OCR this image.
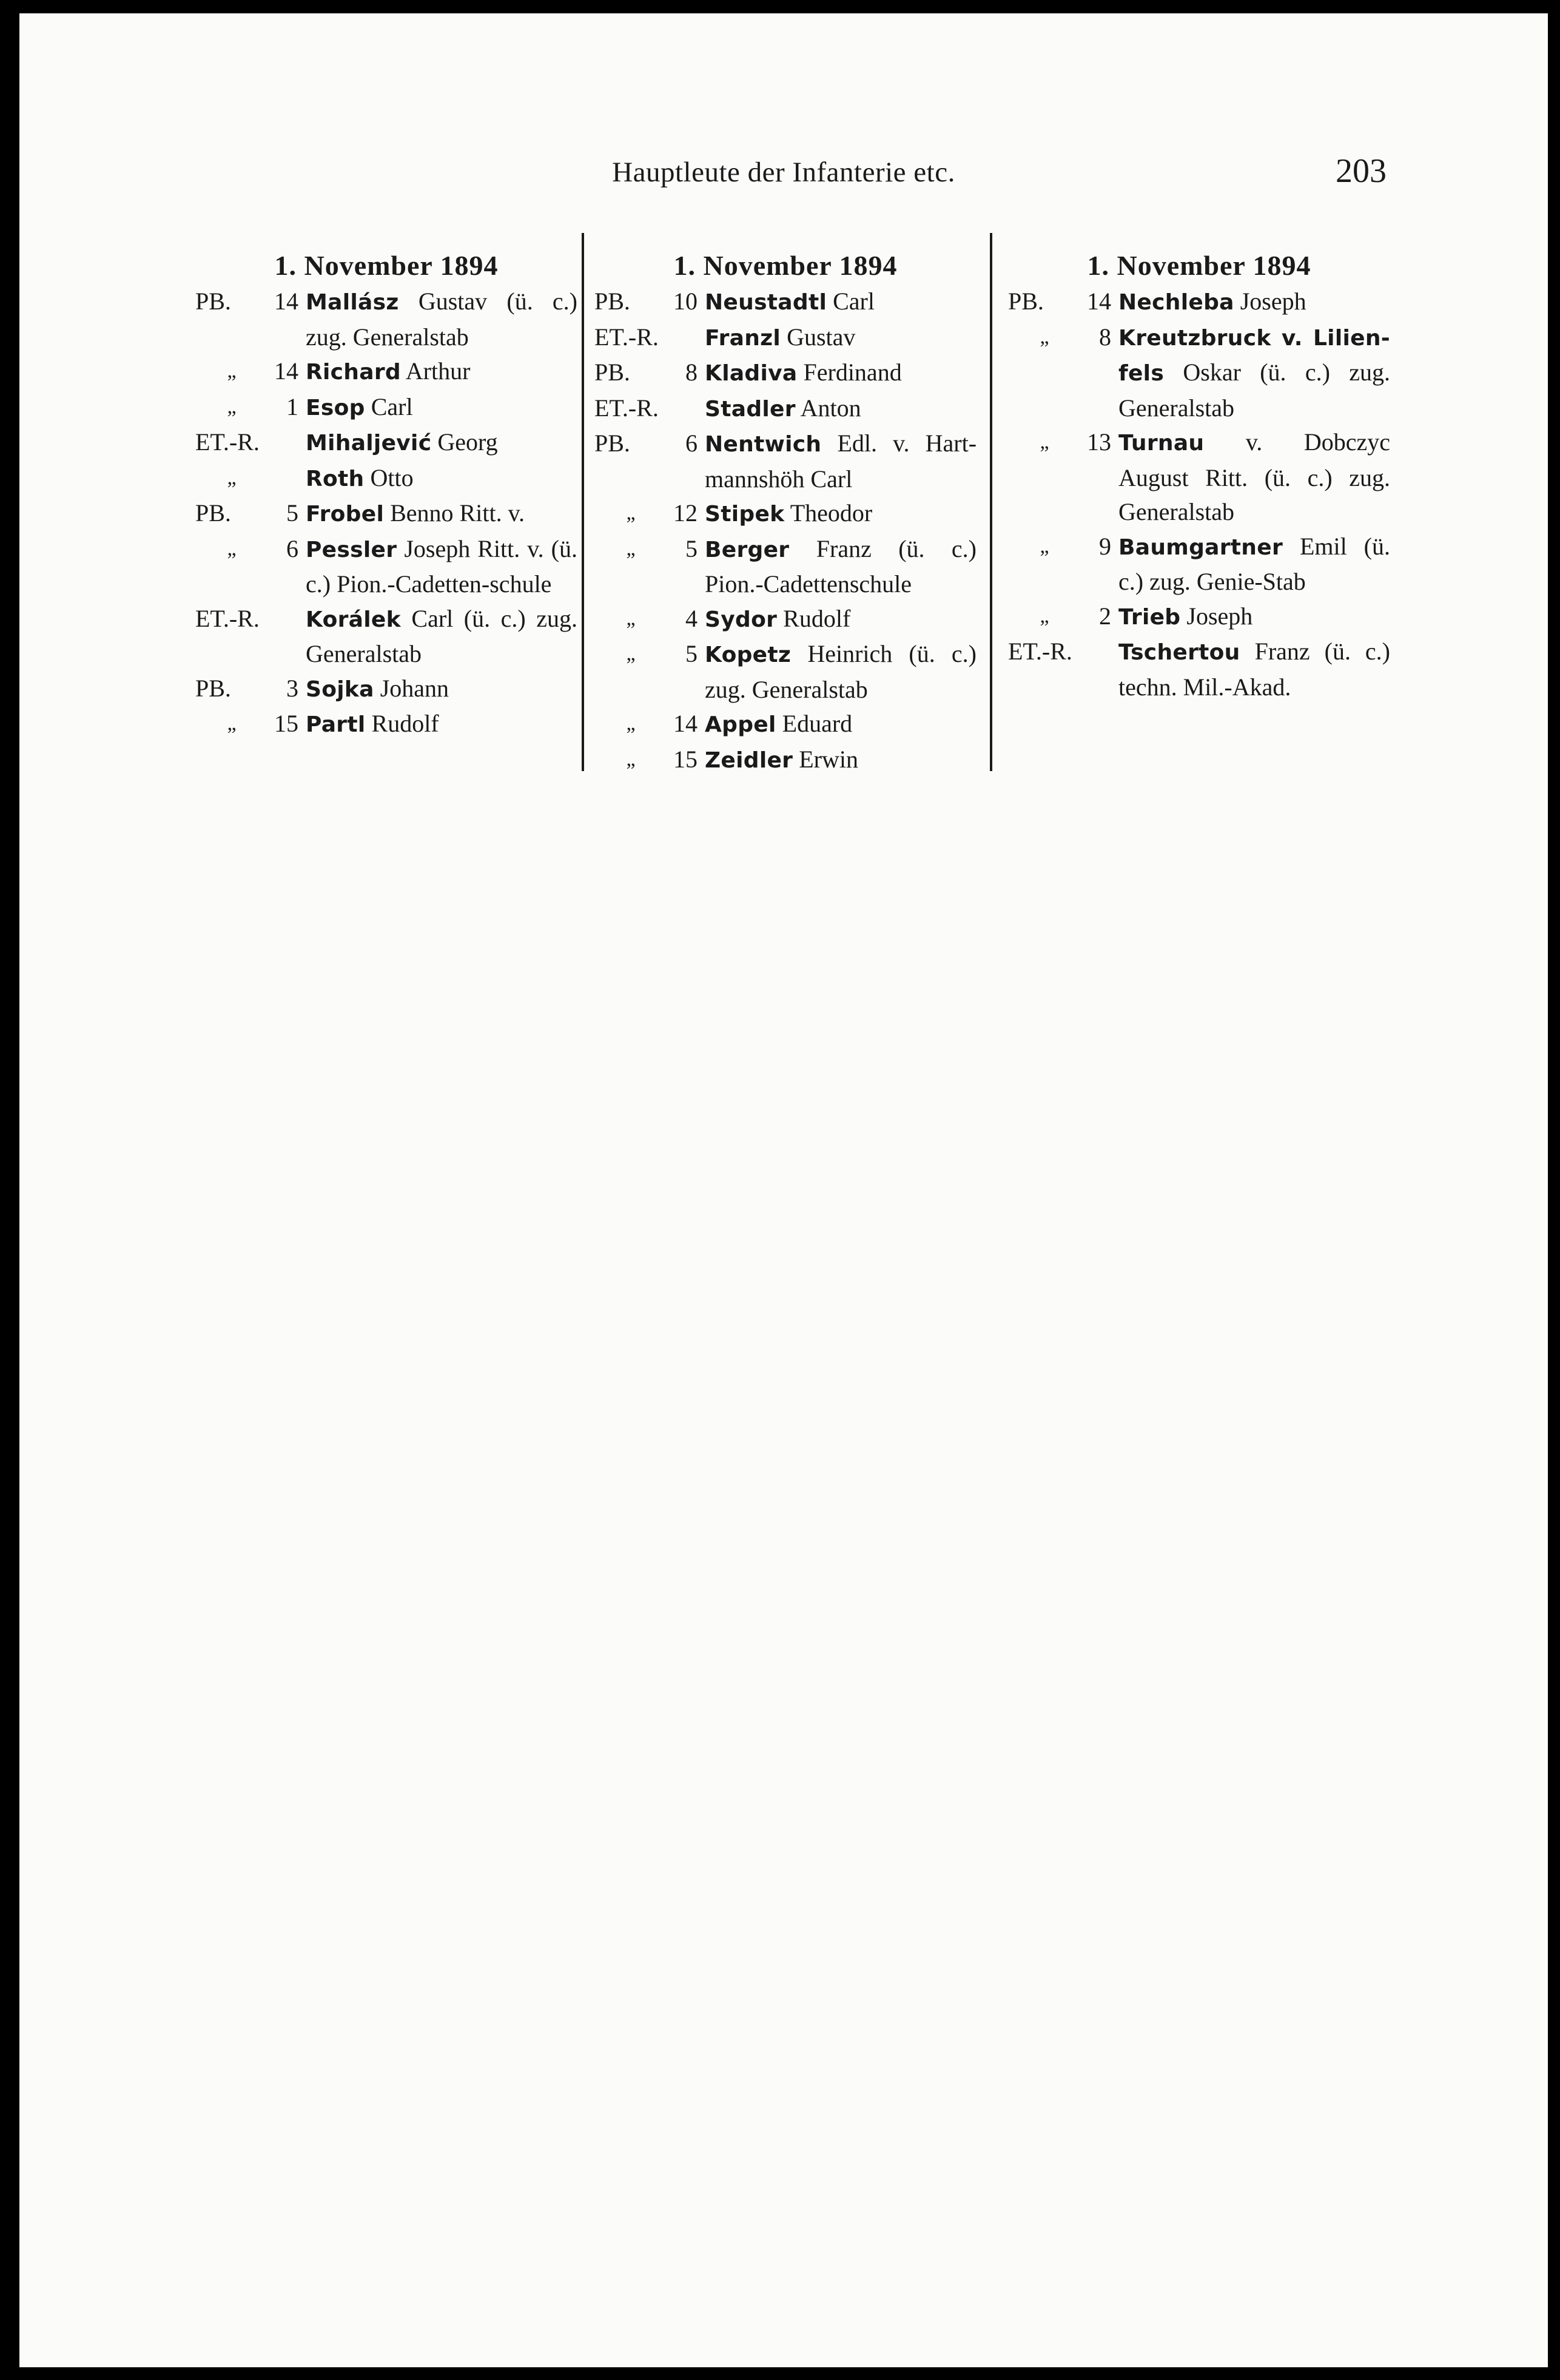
Hauptleute der Infanterie etc.	203
1. November 1894
PB.	14 Mallász Gustav (ü. c.) zug. Generalstab
„	14 Richard Arthur
„	1 Esop Carl
ET.-R. Mihaljević Georg
„	Roth Otto
PB.	5 Frobel Benno Ritt. v.
„	6 Pessler Joseph Ritt. v. (ü. c.) Pion.-Cadetten-schule
ET.-R. Korálek Carl (ü. c.) zug. Generalstab
PB.	3 Sojka Johann
„	15 Partl Rudolf
1. November 1894
PB.	10 Neustadtl Carl
ET.-R. Franzl Gustav
PB.	8 Kladiva Ferdinand
ET.-R. Stadler Anton
PB.	6 Nentwich Edl. v. Hart-mannshöh Carl
„	12 Stipek Theodor
„	5 Berger Franz (ü. c.) Pion.-Cadettenschule
„	4 Sydor Rudolf
„	5 Kopetz Heinrich (ü. c.) zug. Generalstab
„	14 Appel Eduard
„	15 Zeidler Erwin
1. November 1894
PB.	14 Nechleba Joseph
„	8 Kreutzbruck v. Lilien-fels Oskar (ü. c.) zug. Generalstab
„	13 Turnau v. Dobczyc August Ritt. (ü. c.) zug. Generalstab
„	9 Baumgartner Emil (ü. c.) zug. Genie-Stab
„	2 Trieb Joseph
ET.-R. Tschertou Franz (ü. c.) techn. Mil.-Akad.
